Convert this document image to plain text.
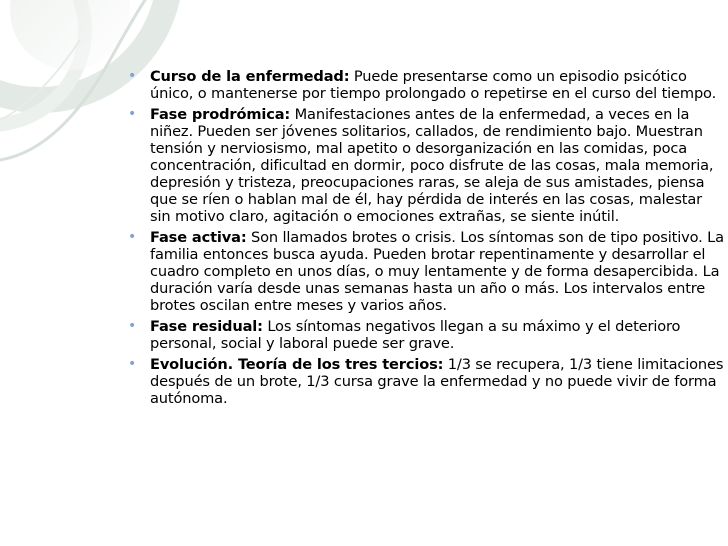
• Curso de la enfermedad: Puede presentarse como un episodio psicótico único, o mantenerse por tiempo prolongado o repetirse en el curso del tiempo.
• Fase prodrómica: Manifestaciones antes de la enfermedad, a veces en la niñez. Pueden ser jóvenes solitarios, callados, de rendimiento bajo. Muestran tensión y nerviosismo, mal apetito o desorganización en las comidas, poca concentración, dificultad en dormir, poco disfrute de las cosas, mala memoria, depresión y tristeza, preocupaciones raras, se aleja de sus amistades, piensa que se ríen o hablan mal de él, hay pérdida de interés en las cosas, malestar sin motivo claro, agitación o emociones extrañas, se siente inútil.
• Fase activa: Son llamados brotes o crisis. Los síntomas son de tipo positivo. La familia entonces busca ayuda. Pueden brotar repentinamente y desarrollar el cuadro completo en unos días, o muy lentamente y de forma desapercibida. La duración varía desde unas semanas hasta un año o más. Los intervalos entre brotes oscilan entre meses y varios años.
• Fase residual: Los síntomas negativos llegan a su máximo y el deterioro personal, social y laboral puede ser grave.
• Evolución. Teoría de los tres tercios: 1/3 se recupera, 1/3 tiene limitaciones después de un brote, 1/3 cursa grave la enfermedad y no puede vivir de forma autónoma.
